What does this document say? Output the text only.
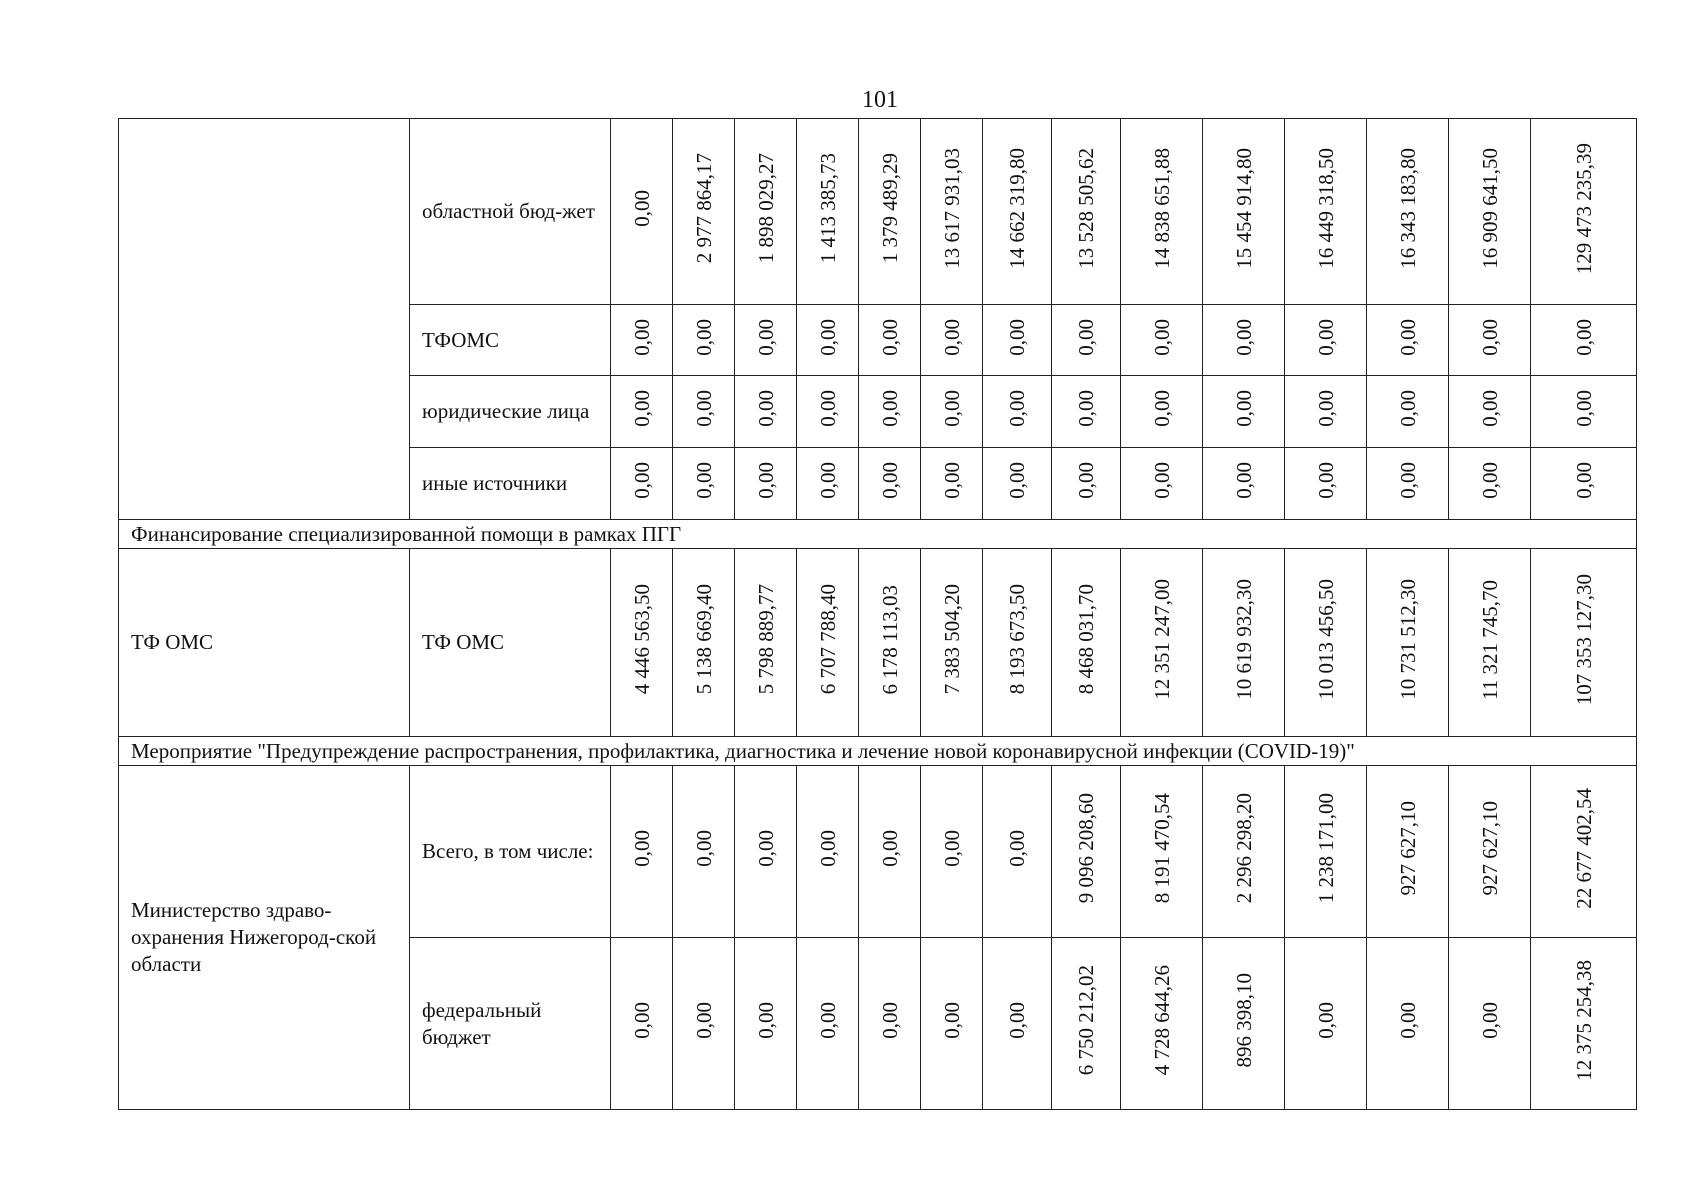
101
	областной бюд-жет	0,00	2 977 864,17	1 898 029,27	1 413 385,73	1 379 489,29	13 617 931,03	14 662 319,80	13 528 505,62	14 838 651,88	15 454 914,80	16 449 318,50	16 343 183,80	16 909 641,50	129 473 235,39
	ТФОМС	0,00	0,00	0,00	0,00	0,00	0,00	0,00	0,00	0,00	0,00	0,00	0,00	0,00	0,00
	юридические лица	0,00	0,00	0,00	0,00	0,00	0,00	0,00	0,00	0,00	0,00	0,00	0,00	0,00	0,00
	иные источники	0,00	0,00	0,00	0,00	0,00	0,00	0,00	0,00	0,00	0,00	0,00	0,00	0,00	0,00
Финансирование специализированной помощи в рамках ПГГ															
ТФ ОМС	ТФ ОМС	4 446 563,50	5 138 669,40	5 798 889,77	6 707 788,40	6 178 113,03	7 383 504,20	8 193 673,50	8 468 031,70	12 351 247,00	10 619 932,30	10 013 456,50	10 731 512,30	11 321 745,70	107 353 127,30
Мероприятие "Предупреждение распространения, профилактика, диагностика и лечение новой коронавирусной инфекции (COVID-19)"															
Министерство здраво-охранения Нижегород-ской области	Всего, в том числе:	0,00	0,00	0,00	0,00	0,00	0,00	0,00	9 096 208,60	8 191 470,54	2 296 298,20	1 238 171,00	927 627,10	927 627,10	22 677 402,54
	федеральный бюджет	0,00	0,00	0,00	0,00	0,00	0,00	0,00	6 750 212,02	4 728 644,26	896 398,10	0,00	0,00	0,00	12 375 254,38
